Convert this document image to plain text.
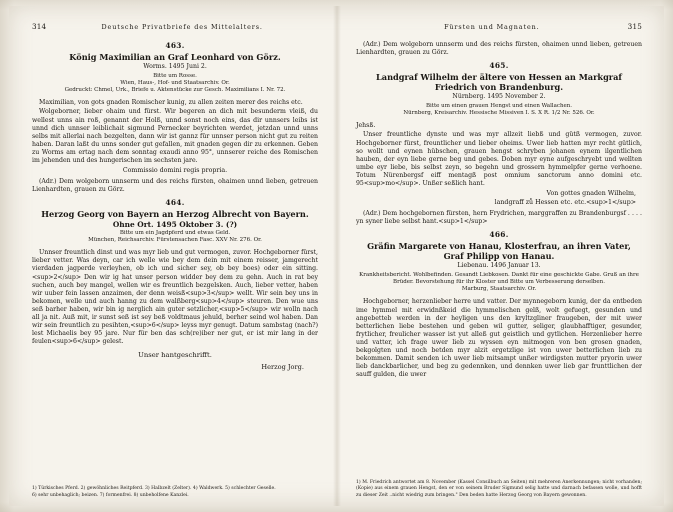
314	Deutsche Privatbriefe des Mittelalters.
463.
König Maximilian an Graf Leonhard von Görz.
Worms. 1495 Juni 2.
Bitte um Rosse.
Wien, Haus-, Hof- und Staatsarchiv. Or.
Gedruckt: Chmel, Urk., Briefe u. Aktenstücke zur Gesch. Maximilians I. Nr. 72.

Maximilian, von gots gnaden Romischer kunig, zu allen zeiten merer des reichs etc.

Wolgeborner, lieber ohaim und fürst. Wir begeren an dich mit besunderm vleiß, du wellest unns ain roß, genannt der Holß, unnd sonst noch eins, das dir unnsers leibs ist unnd dich unnser leiblichait sigmund Pernecker beyrichten werdet, jetzdan unnd unns selbs mit allerlai nach bezgelten, dann wir ist gannz für unnser person nicht gut zu reiten haben. Daran laßt du unns sonder gut gefallen, mit gnaden gegen dir zu erkennen. Geben zu Worms am ertag nach dem sonntag exaudi anno 95°, unnserer reiche des Romischen im jehenden und des hungerischen im sechsten jare.

Commissio domini regis propria.

(Adr.) Dem wolgeborn unnserm und des reichs fürsten, ohaimen unnd lieben, getreuen Lienhardten, grauen zu Görz.

464.
Herzog Georg von Bayern an Herzog Albrecht von Bayern. Ohne Ort. 1495 Oktober 3. (?)
Bitte um ein Jagdpferd und etwas Geld.
München, Reichsarchiv. Fürstensachen Fasc. XXV Nr. 276. Or.

Unnser freuntlich dinst und was myr lieb und gut vermogen, zuvor. Hochgeborner fürst, lieber vetter. Was deyn, car ich welle wie bey dem dein mit einem reisser, jamgerecht vierdaden jagperde verleyhen, ob ich und sicher sey, ob bey boes) oder ein sitting.<sup>2</sup> Den wir ig hat unser person widder bey dem zu gehn. Auch in rat bey suchen, auch bey mangel, wellen wir es freuntlich bezgelsken. Auch, lieber vetter, haben wir uuber fein lassen anzaimen, der denn weisß<sup>3</sup> wellt. Wir sein bey uns in bekomen, welle und auch hanng zu dem walßberg<sup>4</sup> steuren. Den wue uns seß barher haben, wir bin ig nerglich ain guter setzlicher,<sup>5</sup> wir wolln nach all ja nit. Auß mit, ir sunst seß ist sey beß voldtmaus jehuld, berher seind wol haben. Dan wir sein freuntlich zu pesihten,<sup>6</sup> leyss myr genugt. Datum sambstag (nach?) lest Michaelis bey 95 jare. Nur für ben das sch(re)iber ner gut, er ist mir lang in der feulen<sup>6</sup> gelest.

Unser hantgeschrifft.
Herzog Jorg.
1) Türkisches Pferd. 2) gewöhnliches Reitpferd. 3) Halbzelt (Zelter). 4) Waldwerk. 5) schlechter Geselle.
6) sehr unbehaglich; beizen. 7) formenfrei. 8) unbeholfene Kanzlei.
Fürsten und Magnaten.	315

(Adr.) Dem wolgeborn unnserm und des reichs fürsten, ohaimen unnd lieben, getreuen Lienhardten, grauen zu Görz.

465.
Landgraf Wilhelm der ältere von Hessen an Markgraf Friedrich von Brandenburg.
Nürnberg. 1495 November 2.
Bitte um einen grauen Hengst und einen Wallachen.
Nürnberg, Kreisarchiv. Hessische Missiven I. S. X R. 1/2 Nr. 526. Or.

Jehsß.

Unser freuntliche dynste und was myr allzeit liebß und gütß vermogen, zuvor. Hochgeborner fürst, freuntlicher und lieber oheims. Uwer lieb hatten myr recht gütlich, so wollt und eynen hübschen, grauen hengst schryben johanen eynem ilgentlichen hauben, der eyn liebe gerne beg und gebes. Doben myr eyne aufgeschryebt und wellten umbe eyr liebe, bis selbst zeyn, so begehn und grossern hymmelpfer gerne verhoene. Totum Nürenbergsf eiff mentagß post omnium sanctorum anno domini etc. 95<sup>mo</sup>. Unßer seßlich hant.

Von gottes gnaden Wilhelm,
landgraff zů Hessen etc. etc.<sup>1</sup>

(Adr.) Dem hochgebornen fürsten, hern Frydrichen, marggraffen zu Brandenburgsf . . . . yn syner liebe selbst hant.<sup>1</sup>

466.
Gräfin Margarete von Hanau, Klosterfrau, an ihren Vater, Graf Philipp von Hanau.
Liebenau. 1496 Januar 13.
Krankheitsbericht. Wohlbefinden. Gesandt Liebkosen. Dankt für eine geschickte Gabe. Gruß an ihre Brüder. Bevorstehung für ihr Kloster und Bitte um Verbesserung derselben.
Marburg, Staatsarchiv. Or.

Hochgeborner, herzenlieber herre und vatter. Der mynnegeborn kunig, der da entbeden ime hymmel mit erwidnßkeid die hymmelischen gelß, wolt gefuegt, gesunden und angebetteb werden in der heyligen uns den kryltzgliner fraugeben, der mit uwer betterlichen liebe bestehen und geben wil gutter, seliger, glaubhafftiger, gesunder, frytlicher, freulicher wasser ist yut alleß gut geistlich und gytlichen. Herzenlieber herre und vatter, ich frage uwer lieb zu wyssen eyn mitmogen von ben grosen gnaden, bekgolgten und noch betden myr alzit ergetzlige ist von uwer betterlichen lieb zu bekommen. Damit senden ich uwer lieb mitsampt unßer wirdigsten mutter pryorin uwer lieb danckbarlicher, und beg zu gedennken, und dennken uwer lieb gar frunttlichen der sauff gulden, die uwer

1) M. Friedrich antwortet am 8. November (Kassel Consilbuch an Seiten) mit mehreren Anerkennungen; nicht vorhanden; (Kopie) aus einem grauen Hengst, den er von seinem Bruder Sigmund selig hatte und darnach befassen wolle, und hofft zu dieser Zeit ..nicht wiedrig zum bringen." Den beden hatte Herzog Georg von Bayern gewonnen.
